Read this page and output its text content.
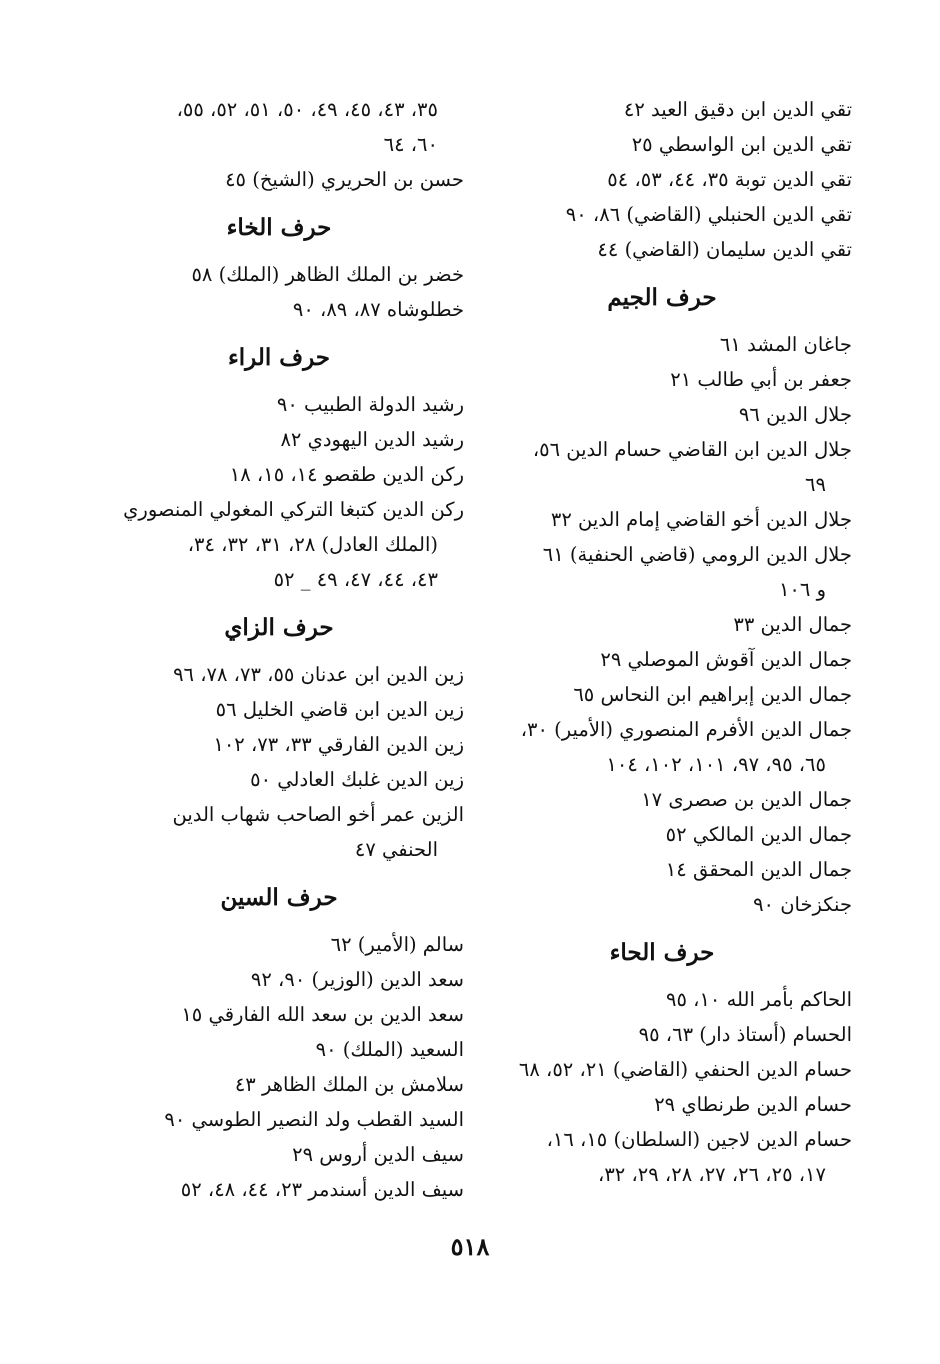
تقي الدين ابن دقيق العيد ٤٢
تقي الدين ابن الواسطي ٢٥
تقي الدين توبة ٣٥، ٤٤، ٥٣، ٥٤
تقي الدين الحنبلي (القاضي) ٨٦، ٩٠
تقي الدين سليمان (القاضي) ٤٤
حرف الجيم
جاغان المشد ٦١
جعفر بن أبي طالب ٢١
جلال الدين ٩٦
جلال الدين ابن القاضي حسام الدين ٥٦،
٦٩
جلال الدين أخو القاضي إمام الدين ٣٢
جلال الدين الرومي (قاضي الحنفية) ٦١
و ١٠٦
جمال الدين ٣٣
جمال الدين آقوش الموصلي ٢٩
جمال الدين إبراهيم ابن النحاس ٦٥
جمال الدين الأفرم المنصوري (الأمير) ٣٠،
٦٥، ٩٥، ٩٧، ١٠١، ١٠٢، ١٠٤
جمال الدين بن صصرى ١٧
جمال الدين المالكي ٥٢
جمال الدين المحقق ١٤
جنكزخان ٩٠
حرف الحاء
الحاكم بأمر الله ١٠، ٩٥
الحسام (أستاذ دار) ٦٣، ٩٥
حسام الدين الحنفي (القاضي) ٢١، ٥٢، ٦٨
حسام الدين طرنطاي ٢٩
حسام الدين لاجين (السلطان) ١٥، ١٦،
١٧، ٢٥، ٢٦، ٢٧، ٢٨، ٢٩، ٣٢،
٣٥، ٤٣، ٤٥، ٤٩، ٥٠، ٥١، ٥٢، ٥٥،
٦٠، ٦٤
حسن بن الحريري (الشيخ) ٤٥
حرف الخاء
خضر بن الملك الظاهر (الملك) ٥٨
خطلوشاه ٨٧، ٨٩، ٩٠
حرف الراء
رشيد الدولة الطبيب ٩٠
رشيد الدين اليهودي ٨٢
ركن الدين طقصو ١٤، ١٥، ١٨
ركن الدين كتبغا التركي المغولي المنصوري
(الملك العادل) ٢٨، ٣١، ٣٢، ٣٤،
٤٣، ٤٤، ٤٧، ٤٩ _ ٥٢
حرف الزاي
زين الدين ابن عدنان ٥٥، ٧٣، ٧٨، ٩٦
زين الدين ابن قاضي الخليل ٥٦
زين الدين الفارقي ٣٣، ٧٣، ١٠٢
زين الدين غلبك العادلي ٥٠
الزين عمر أخو الصاحب شهاب الدين
الحنفي ٤٧
حرف السين
سالم (الأمير) ٦٢
سعد الدين (الوزير) ٩٠، ٩٢
سعد الدين بن سعد الله الفارقي ١٥
السعيد (الملك) ٩٠
سلامش بن الملك الظاهر ٤٣
السيد القطب ولد النصير الطوسي ٩٠
سيف الدين أروس ٢٩
سيف الدين أسندمر ٢٣، ٤٤، ٤٨، ٥٢
٥١٨
